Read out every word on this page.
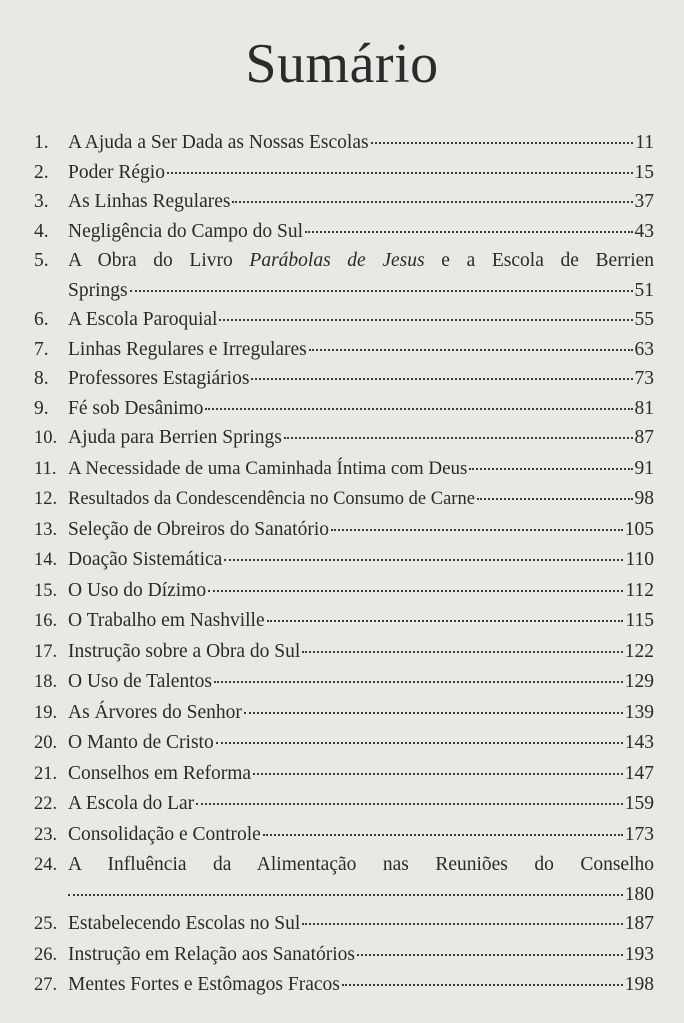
Sumário
1. A Ajuda a Ser Dada as Nossas Escolas	11
2. Poder Régio	15
3. As Linhas Regulares	37
4. Negligência do Campo do Sul	43
5. A Obra do Livro Parábolas de Jesus e a Escola de Berrien
Springs	51
6. A Escola Paroquial	55
7. Linhas Regulares e Irregulares	63
8. Professores Estagiários	73
9. Fé sob Desânimo	81
10. Ajuda para Berrien Springs	87
11. A Necessidade de uma Caminhada Íntima com Deus	91
12. Resultados da Condescendência no Consumo de Carne	98
13. Seleção de Obreiros do Sanatório	105
14. Doação Sistemática	110
15. O Uso do Dízimo	112
16. O Trabalho em Nashville	115
17. Instrução sobre a Obra do Sul	122
18. O Uso de Talentos	129
19. As Árvores do Senhor	139
20. O Manto de Cristo	143
21. Conselhos em Reforma	147
22. A Escola do Lar	159
23. Consolidação e Controle	173
24. A Influência da Alimentação nas Reuniões do Conselho
180
25. Estabelecendo Escolas no Sul	187
26. Instrução em Relação aos Sanatórios	193
27. Mentes Fortes e Estômagos Fracos	198
